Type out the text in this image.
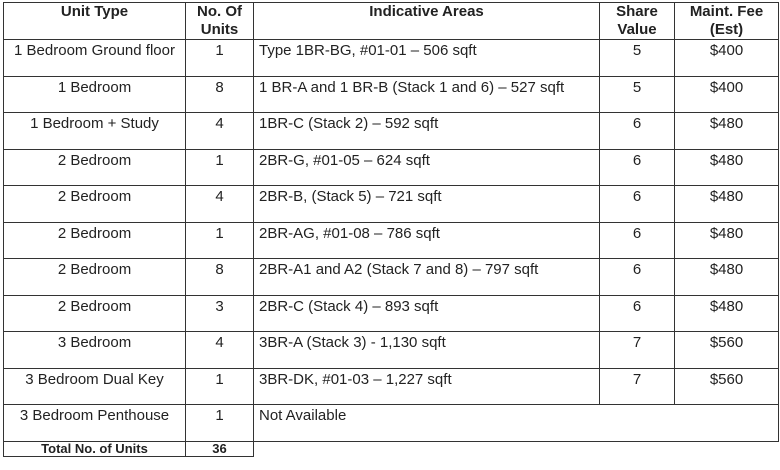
Unit Type	No. Of Units	Indicative Areas	Share Value	Maint. Fee (Est)
1 Bedroom Ground floor	1	Type 1BR-BG, #01-01 – 506 sqft	5	$400
1 Bedroom	8	1 BR-A and 1 BR-B (Stack 1 and 6) – 527 sqft	5	$400
1 Bedroom + Study	4	1BR-C (Stack 2) – 592 sqft	6	$480
2 Bedroom	1	2BR-G, #01-05 – 624 sqft	6	$480
2 Bedroom	4	2BR-B, (Stack 5) – 721 sqft	6	$480
2 Bedroom	1	2BR-AG, #01-08 – 786 sqft	6	$480
2 Bedroom	8	2BR-A1 and A2 (Stack 7 and 8) – 797 sqft	6	$480
2 Bedroom	3	2BR-C (Stack 4) – 893 sqft	6	$480
3 Bedroom	4	3BR-A (Stack 3) - 1,130 sqft	7	$560
3 Bedroom Dual Key	1	3BR-DK, #01-03 – 1,227 sqft	7	$560
3 Bedroom Penthouse	1	Not Available		
Total No. of Units	36			
